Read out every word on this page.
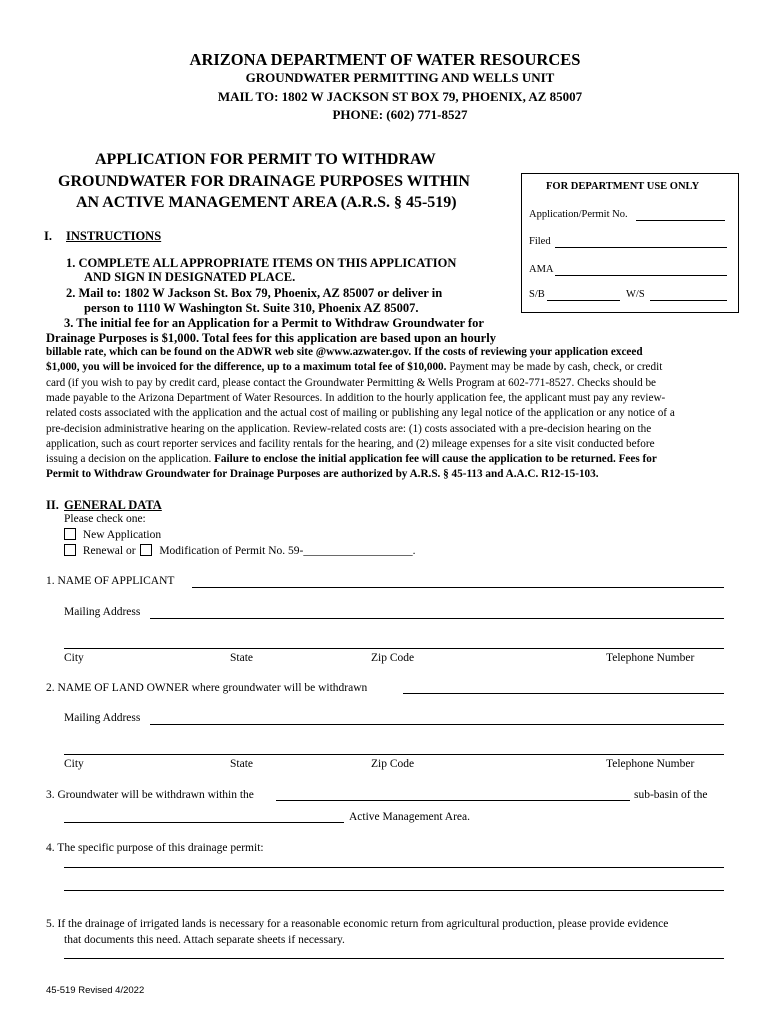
ARIZONA DEPARTMENT OF WATER RESOURCES
GROUNDWATER PERMITTING AND WELLS UNIT
MAIL TO: 1802 W JACKSON ST BOX 79, PHOENIX, AZ 85007
PHONE: (602) 771-8527
APPLICATION FOR PERMIT TO WITHDRAW
GROUNDWATER FOR DRAINAGE PURPOSES WITHIN
AN ACTIVE MANAGEMENT AREA (A.R.S. § 45-519)
FOR DEPARTMENT USE ONLY
Application/Permit No.
Filed
AMA
S/B	W/S
I. INSTRUCTIONS
1. COMPLETE ALL APPROPRIATE ITEMS ON THIS APPLICATION
AND SIGN IN DESIGNATED PLACE.
2. Mail to: 1802 W Jackson St. Box 79, Phoenix, AZ 85007 or deliver in
person to 1110 W Washington St. Suite 310, Phoenix AZ 85007.
3. The initial fee for an Application for a Permit to Withdraw Groundwater for
Drainage Purposes is $1,000. Total fees for this application are based upon an hourly
billable rate, which can be found on the ADWR web site @www.azwater.gov. If the costs of reviewing your application exceed
$1,000, you will be invoiced for the difference, up to a maximum total fee of $10,000. Payment may be made by cash, check, or credit
card (if you wish to pay by credit card, please contact the Groundwater Permitting & Wells Program at 602-771-8527. Checks should be
made payable to the Arizona Department of Water Resources. In addition to the hourly application fee, the applicant must pay any review-
related costs associated with the application and the actual cost of mailing or publishing any legal notice of the application or any notice of a
pre-decision administrative hearing on the application. Review-related costs are: (1) costs associated with a pre-decision hearing on the
application, such as court reporter services and facility rentals for the hearing, and (2) mileage expenses for a site visit conducted before
issuing a decision on the application. Failure to enclose the initial application fee will cause the application to be returned. Fees for
Permit to Withdraw Groundwater for Drainage Purposes are authorized by A.R.S. § 45-113 and A.A.C. R12-15-103.
II. GENERAL DATA
Please check one:
New Application
Renewal or Modification of Permit No. 59-___________________.
1. NAME OF APPLICANT
Mailing Address
City	State	Zip Code	Telephone Number
2. NAME OF LAND OWNER where groundwater will be withdrawn
Mailing Address
City	State	Zip Code	Telephone Number
3. Groundwater will be withdrawn within the	sub-basin of the
Active Management Area.
4. The specific purpose of this drainage permit:
5. If the drainage of irrigated lands is necessary for a reasonable economic return from agricultural production, please provide evidence
that documents this need. Attach separate sheets if necessary.
45-519 Revised 4/2022
